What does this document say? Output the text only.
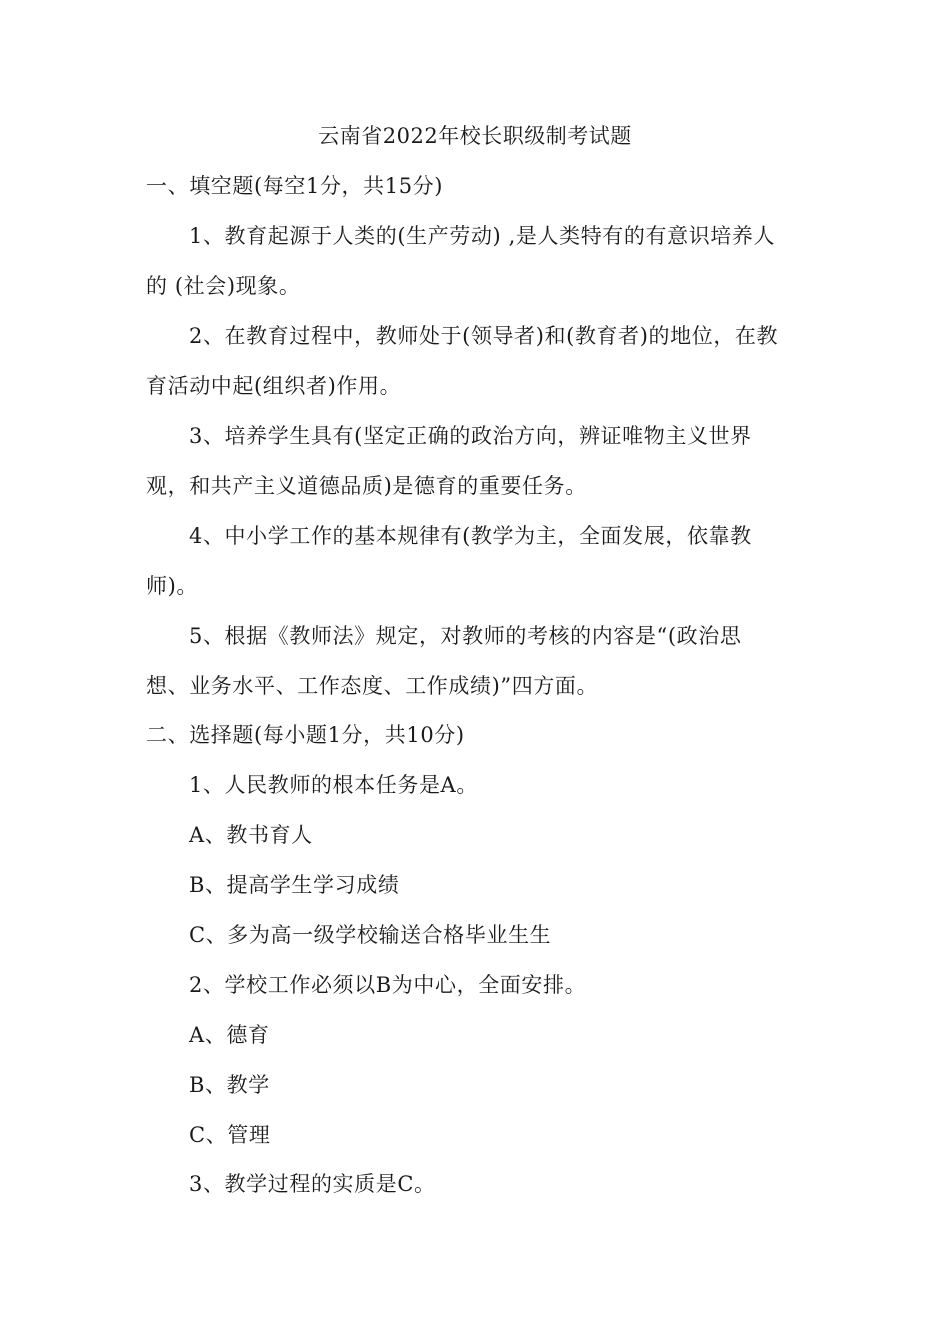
云南省2022年校长职级制考试题
一、填空题(每空1分，共15分)
1、教育起源于人类的(生产劳动) ,是人类特有的有意识培养人
的 (社会)现象。
2、在教育过程中，教师处于(领导者)和(教育者)的地位，在教
育活动中起(组织者)作用。
3、培养学生具有(坚定正确的政治方向，辨证唯物主义世界
观，和共产主义道德品质)是德育的重要任务。
4、中小学工作的基本规律有(教学为主，全面发展，依靠教
师)。
5、根据《教师法》规定，对教师的考核的内容是“(政治思
想、业务水平、工作态度、工作成绩)”四方面。
二、选择题(每小题1分，共10分)
1、人民教师的根本任务是A。
A、教书育人
B、提高学生学习成绩
C、多为高一级学校输送合格毕业生生
2、学校工作必须以B为中心，全面安排。
A、德育
B、教学
C、管理
3、教学过程的实质是C。
